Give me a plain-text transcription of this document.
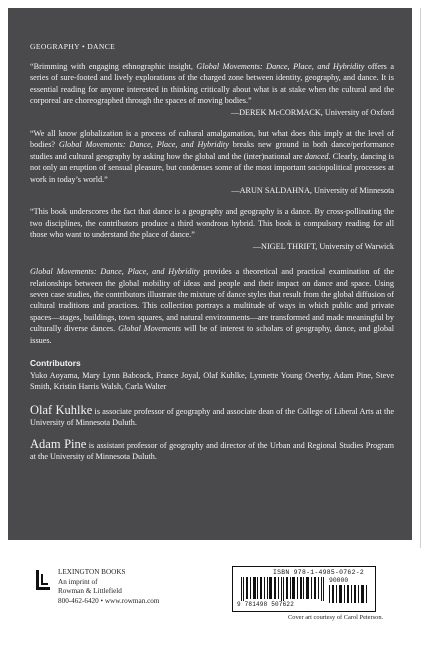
GEOGRAPHY • DANCE

“Brimming with engaging ethnographic insight, Global Movements: Dance, Place, and Hybridity offers a series of sure-footed and lively explorations of the charged zone between identity, geography, and dance. It is essential reading for anyone interested in thinking critically about what is at stake when the cultural and the corporeal are choreographed through the spaces of moving bodies.”

—DEREK McCORMACK, University of Oxford

“We all know globalization is a process of cultural amalgamation, but what does this imply at the level of bodies? Global Movements: Dance, Place, and Hybridity breaks new ground in both dance/performance studies and cultural geography by asking how the global and the (inter)national are danced. Clearly, dancing is not only an eruption of sensual pleasure, but condenses some of the most important sociopolitical processes at work in today’s world.”

—ARUN SALDAHNA, University of Minnesota

“This book underscores the fact that dance is a geography and geography is a dance. By cross-pollinating the two disciplines, the contributors produce a third wondrous hybrid. This book is compulsory reading for all those who want to understand the place of dance.”

—NIGEL THRIFT, University of Warwick

Global Movements: Dance, Place, and Hybridity provides a theoretical and practical examination of the relationships between the global mobility of ideas and people and their impact on dance and space. Using seven case studies, the contributors illustrate the mixture of dance styles that result from the global diffusion of cultural traditions and practices. This collection portrays a multitude of ways in which public and private spaces—stages, buildings, town squares, and natural environments—are transformed and made meaningful by culturally diverse dances. Global Movements will be of interest to scholars of geography, dance, and global issues.

Contributors

Yuko Aoyama, Mary Lynn Babcock, France Joyal, Olaf Kuhlke, Lynnette Young Overby, Adam Pine, Steve Smith, Kristin Harris Walsh, Carla Walter

Olaf Kuhlke is associate professor of geography and associate dean of the College of Liberal Arts at the University of Minnesota Duluth.

Adam Pine is assistant professor of geography and director of the Urban and Regional Studies Program at the University of Minnesota Duluth.

LEXINGTON BOOKS
An imprint of
Rowman & Littlefield
800-462-6420 • www.rowman.com
ISBN 978-1-4985-0762-2
90000
9 781498 507622
Cover art courtesy of Carol Peterson.
